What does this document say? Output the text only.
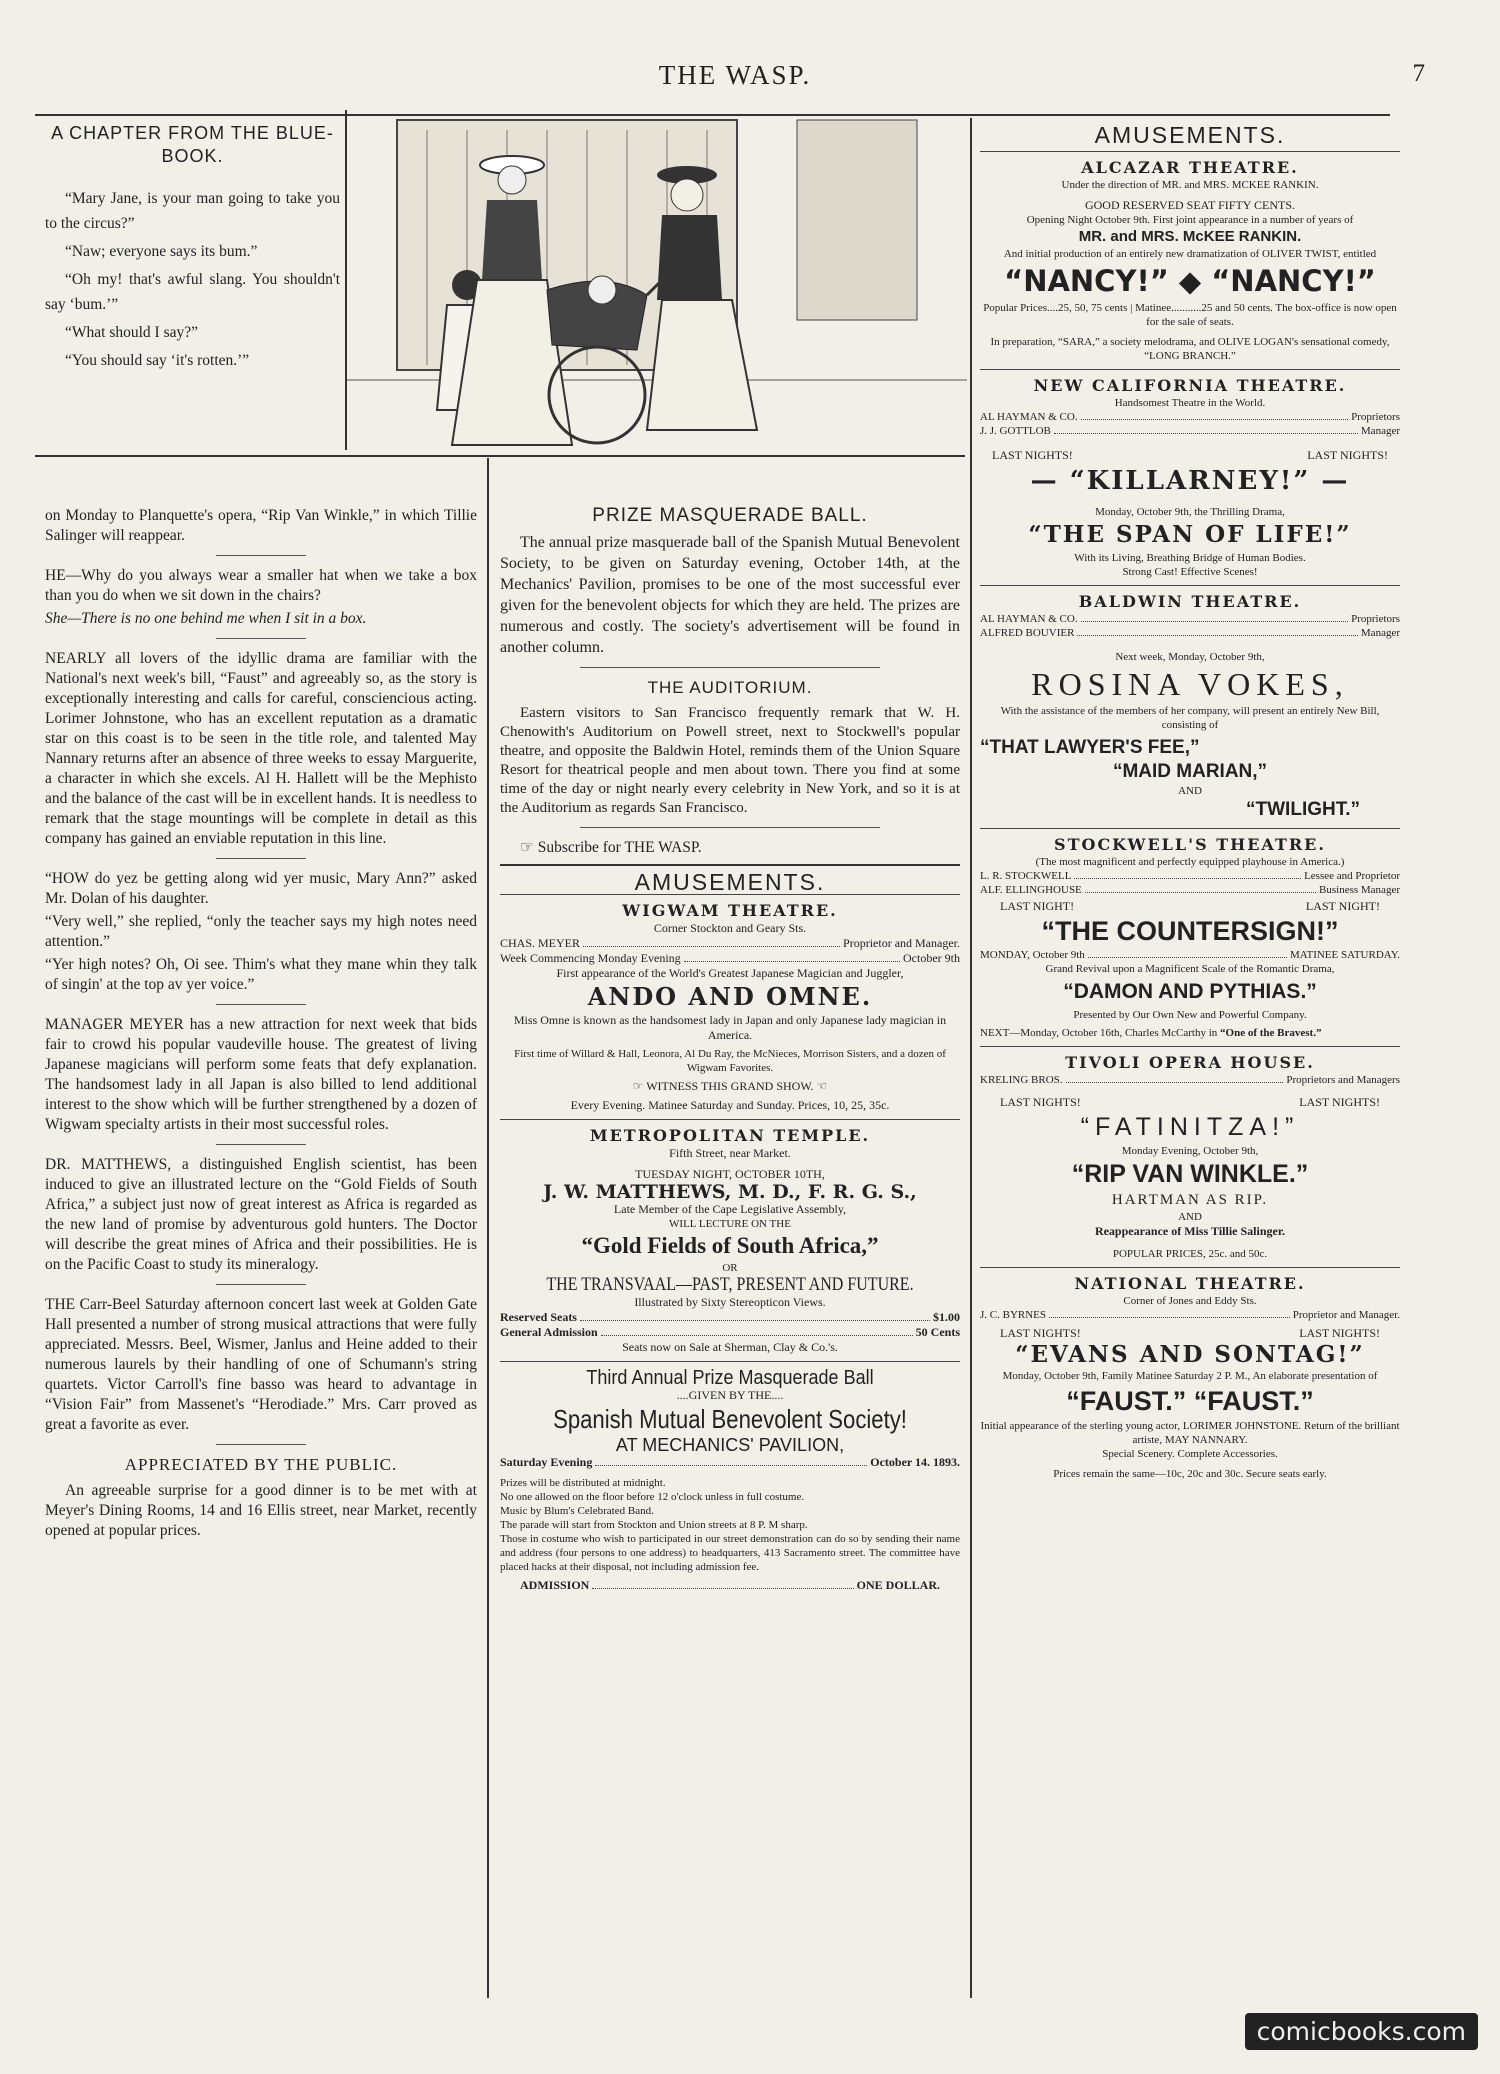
THE WASP.	7
A CHAPTER FROM THE BLUE-BOOK.

“Mary Jane, is your man going to take you to the circus?”

“Naw; everyone says its bum.”

“Oh my! that's awful slang. You shouldn't say ‘bum.’”

“What should I say?”

“You should say ‘it's rotten.’”

on Monday to Planquette's opera, “Rip Van Winkle,” in which Tillie Salinger will reappear.

HE—Why do you always wear a smaller hat when we take a box than you do when we sit down in the chairs?

She—There is no one behind me when I sit in a box.

NEARLY all lovers of the idyllic drama are familiar with the National's next week's bill, “Faust” and agreeably so, as the story is exceptionally interesting and calls for careful, consciencious acting. Lorimer Johnstone, who has an excellent reputation as a dramatic star on this coast is to be seen in the title role, and talented May Nannary returns after an absence of three weeks to essay Marguerite, a character in which she excels. Al H. Hallett will be the Mephisto and the balance of the cast will be in excellent hands. It is needless to remark that the stage mountings will be complete in detail as this company has gained an enviable reputation in this line.

“HOW do yez be getting along wid yer music, Mary Ann?” asked Mr. Dolan of his daughter.

“Very well,” she replied, “only the teacher says my high notes need attention.”

“Yer high notes? Oh, Oi see. Thim's what they mane whin they talk of singin' at the top av yer voice.”

MANAGER MEYER has a new attraction for next week that bids fair to crowd his popular vaudeville house. The greatest of living Japanese magicians will perform some feats that defy explanation. The handsomest lady in all Japan is also billed to lend additional interest to the show which will be further strengthened by a dozen of Wigwam specialty artists in their most successful roles.

DR. MATTHEWS, a distinguished English scientist, has been induced to give an illustrated lecture on the “Gold Fields of South Africa,” a subject just now of great interest as Africa is regarded as the new land of promise by adventurous gold hunters. The Doctor will describe the great mines of Africa and their possibilities. He is on the Pacific Coast to study its mineralogy.

THE Carr-Beel Saturday afternoon concert last week at Golden Gate Hall presented a number of strong musical attractions that were fully appreciated. Messrs. Beel, Wismer, Janlus and Heine added to their numerous laurels by their handling of one of Schumann's string quartets. Victor Carroll's fine basso was heard to advantage in “Vision Fair” from Massenet's “Herodiade.” Mrs. Carr proved as great a favorite as ever.

APPRECIATED BY THE PUBLIC.

An agreeable surprise for a good dinner is to be met with at Meyer's Dining Rooms, 14 and 16 Ellis street, near Market, recently opened at popular prices.

PRIZE MASQUERADE BALL.

The annual prize masquerade ball of the Spanish Mutual Benevolent Society, to be given on Saturday evening, October 14th, at the Mechanics' Pavilion, promises to be one of the most successful ever given for the benevolent objects for which they are held. The prizes are numerous and costly. The society's advertisement will be found in another column.

THE AUDITORIUM.

Eastern visitors to San Francisco frequently remark that W. H. Chenowith's Auditorium on Powell street, next to Stockwell's popular theatre, and opposite the Baldwin Hotel, reminds them of the Union Square Resort for theatrical people and men about town. There you find at some time of the day or night nearly every celebrity in New York, and so it is at the Auditorium as regards San Francisco.

☞ Subscribe for THE WASP.
AMUSEMENTS.
WIGWAM THEATRE.
Corner Stockton and Geary Sts.
CHAS. MEYER	Proprietor and Manager.
Week Commencing Monday Evening	October 9th
First appearance of the World's Greatest Japanese Magician and Juggler,
ANDO AND OMNE.
Miss Omne is known as the handsomest lady in Japan and only Japanese lady magician in America.
First time of Willard & Hall, Leonora, Al Du Ray, the McNieces, Morrison Sisters, and a dozen of Wigwam Favorites.
☞ WITNESS THIS GRAND SHOW. ☜
Every Evening. Matinee Saturday and Sunday. Prices, 10, 25, 35c.
METROPOLITAN TEMPLE.
Fifth Street, near Market.
TUESDAY NIGHT, OCTOBER 10TH,
J. W. MATTHEWS, M. D., F. R. G. S.,
Late Member of the Cape Legislative Assembly,
WILL LECTURE ON THE
“Gold Fields of South Africa,”
OR
THE TRANSVAAL—PAST, PRESENT AND FUTURE.
Illustrated by Sixty Stereopticon Views.
Reserved Seats	$1.00
General Admission	50 Cents
Seats now on Sale at Sherman, Clay & Co.'s.
Third Annual Prize Masquerade Ball
....GIVEN BY THE....
Spanish Mutual Benevolent Society!
AT MECHANICS' PAVILION,
Saturday Evening	October 14. 1893.
Prizes will be distributed at midnight.
No one allowed on the floor before 12 o'clock unless in full costume.
Music by Blum's Celebrated Band.
The parade will start from Stockton and Union streets at 8 P. M sharp.
Those in costume who wish to participated in our street demonstration can do so by sending their name and address (four persons to one address) to headquarters, 413 Sacramento street. The committee have placed hacks at their disposal, not including admission fee.
ADMISSION	ONE DOLLAR.
AMUSEMENTS.
ALCAZAR THEATRE.
Under the direction of MR. and MRS. MCKEE RANKIN.
GOOD RESERVED SEAT FIFTY CENTS.
Opening Night October 9th. First joint appearance in a number of years of
MR. and MRS. McKEE RANKIN.
And initial production of an entirely new dramatization of OLIVER TWIST, entitled
“NANCY!” ◆ “NANCY!”
Popular Prices....25, 50, 75 cents | Matinee...........25 and 50 cents. The box-office is now open for the sale of seats.
In preparation, “SARA,” a society melodrama, and OLIVE LOGAN's sensational comedy, “LONG BRANCH.”
NEW CALIFORNIA THEATRE.
Handsomest Theatre in the World.
AL HAYMAN & CO.	Proprietors
J. J. GOTTLOB	Manager
LAST NIGHTS!	LAST NIGHTS!
— “KILLARNEY!” —
Monday, October 9th, the Thrilling Drama,
“THE SPAN OF LIFE!”
With its Living, Breathing Bridge of Human Bodies.
Strong Cast! Effective Scenes!
BALDWIN THEATRE.
AL HAYMAN & CO.	Proprietors
ALFRED BOUVIER	Manager
Next week, Monday, October 9th,
ROSINA VOKES,
With the assistance of the members of her company, will present an entirely New Bill, consisting of
“THAT LAWYER'S FEE,”
“MAID MARIAN,”
AND
“TWILIGHT.”
STOCKWELL'S THEATRE.
(The most magnificent and perfectly equipped playhouse in America.)
L. R. STOCKWELL	Lessee and Proprietor
ALF. ELLINGHOUSE	Business Manager
LAST NIGHT!	LAST NIGHT!
“THE COUNTERSIGN!”
MONDAY, October 9th	MATINEE SATURDAY.
Grand Revival upon a Magnificent Scale of the Romantic Drama,
“DAMON AND PYTHIAS.”
Presented by Our Own New and Powerful Company.
NEXT—Monday, October 16th, Charles McCarthy in “One of the Bravest.”
TIVOLI OPERA HOUSE.
KRELING BROS.	Proprietors and Managers
LAST NIGHTS!	LAST NIGHTS!
“FATINITZA!”
Monday Evening, October 9th,
“RIP VAN WINKLE.”
HARTMAN AS RIP.
AND
Reappearance of Miss Tillie Salinger.
POPULAR PRICES, 25c. and 50c.
NATIONAL THEATRE.
Corner of Jones and Eddy Sts.
J. C. BYRNES	Proprietor and Manager.
LAST NIGHTS!	LAST NIGHTS!
“EVANS AND SONTAG!”
Monday, October 9th, Family Matinee Saturday 2 P. M., An elaborate presentation of
“FAUST.” “FAUST.”
Initial appearance of the sterling young actor, LORIMER JOHNSTONE. Return of the brilliant artiste, MAY NANNARY.
Special Scenery. Complete Accessories.
Prices remain the same—10c, 20c and 30c. Secure seats early.
comicbooks.com
